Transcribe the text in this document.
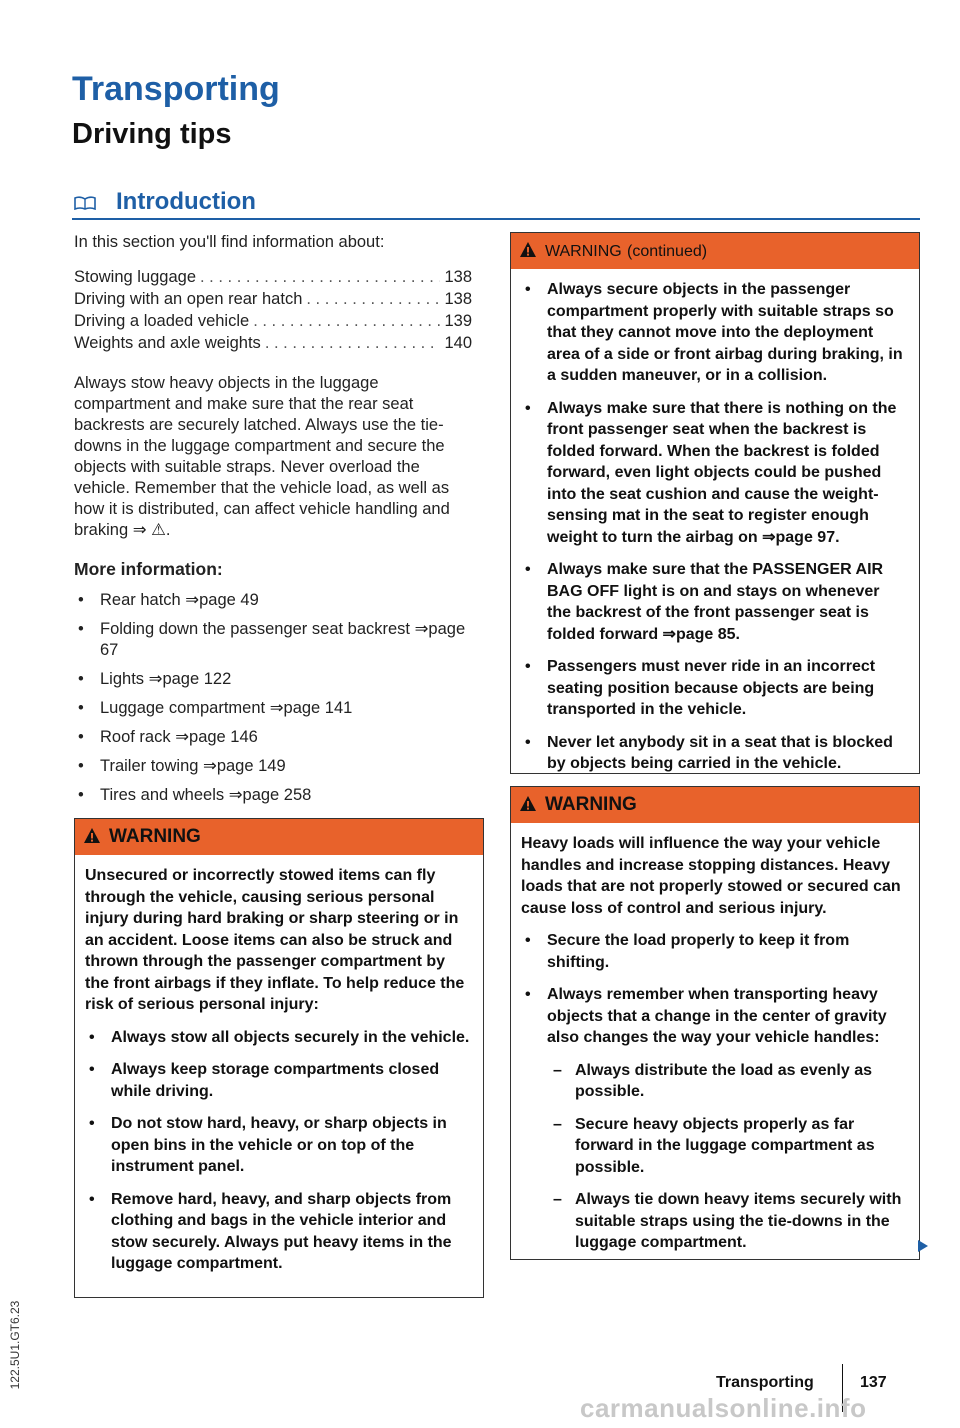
Transporting
Driving tips
Introduction

In this section you'll find information about:

Stowing luggage . . .	138
Driving with an open rear hatch . . .	138
Driving a loaded vehicle . . .	139
Weights and axle weights . . .	140

Always stow heavy objects in the luggage compartment and make sure that the rear seat backrests are securely latched. Always use the tie-downs in the luggage compartment and secure the objects with suitable straps. Never overload the vehicle. Remember that the vehicle load, as well as how it is distributed, can affect vehicle handling and braking ⇒ ⚠.

More information:

• Rear hatch ⇒page 49

• Folding down the passenger seat backrest ⇒page 67

• Lights ⇒page 122

• Luggage compartment ⇒page 141

• Roof rack ⇒page 146

• Trailer towing ⇒page 149

• Tires and wheels ⇒page 258

WARNING

Unsecured or incorrectly stowed items can fly through the vehicle, causing serious personal injury during hard braking or sharp steering or in an accident. Loose items can also be struck and thrown through the passenger compartment by the front airbags if they inflate. To help reduce the risk of serious personal injury:

• Always stow all objects securely in the vehicle.

• Always keep storage compartments closed while driving.

• Do not stow hard, heavy, or sharp objects in open bins in the vehicle or on top of the instrument panel.

• Remove hard, heavy, and sharp objects from clothing and bags in the vehicle interior and stow securely. Always put heavy items in the luggage compartment.

WARNING (continued)

• Always secure objects in the passenger compartment properly with suitable straps so that they cannot move into the deployment area of a side or front airbag during braking, in a sudden maneuver, or in a collision.

• Always make sure that there is nothing on the front passenger seat when the backrest is folded forward. When the backrest is folded forward, even light objects could be pushed into the seat cushion and cause the weight-sensing mat in the seat to register enough weight to turn the airbag on ⇒page 97.

• Always make sure that the PASSENGER AIR BAG OFF light is on and stays on whenever the backrest of the front passenger seat is folded forward ⇒page 85.

• Passengers must never ride in an incorrect seating position because objects are being transported in the vehicle.

• Never let anybody sit in a seat that is blocked by objects being carried in the vehicle.

WARNING

Heavy loads will influence the way your vehicle handles and increase stopping distances. Heavy loads that are not properly stowed or secured can cause loss of control and serious injury.

• Secure the load properly to keep it from shifting.

• Always remember when transporting heavy objects that a change in the center of gravity also changes the way your vehicle handles:

– Always distribute the load as evenly as possible.

– Secure heavy objects properly as far forward in the luggage compartment as possible.

– Always tie down heavy items securely with suitable straps using the tie-downs in the luggage compartment.

122.5U1.GT6.23	Transporting	137
carmanualsonline.info
